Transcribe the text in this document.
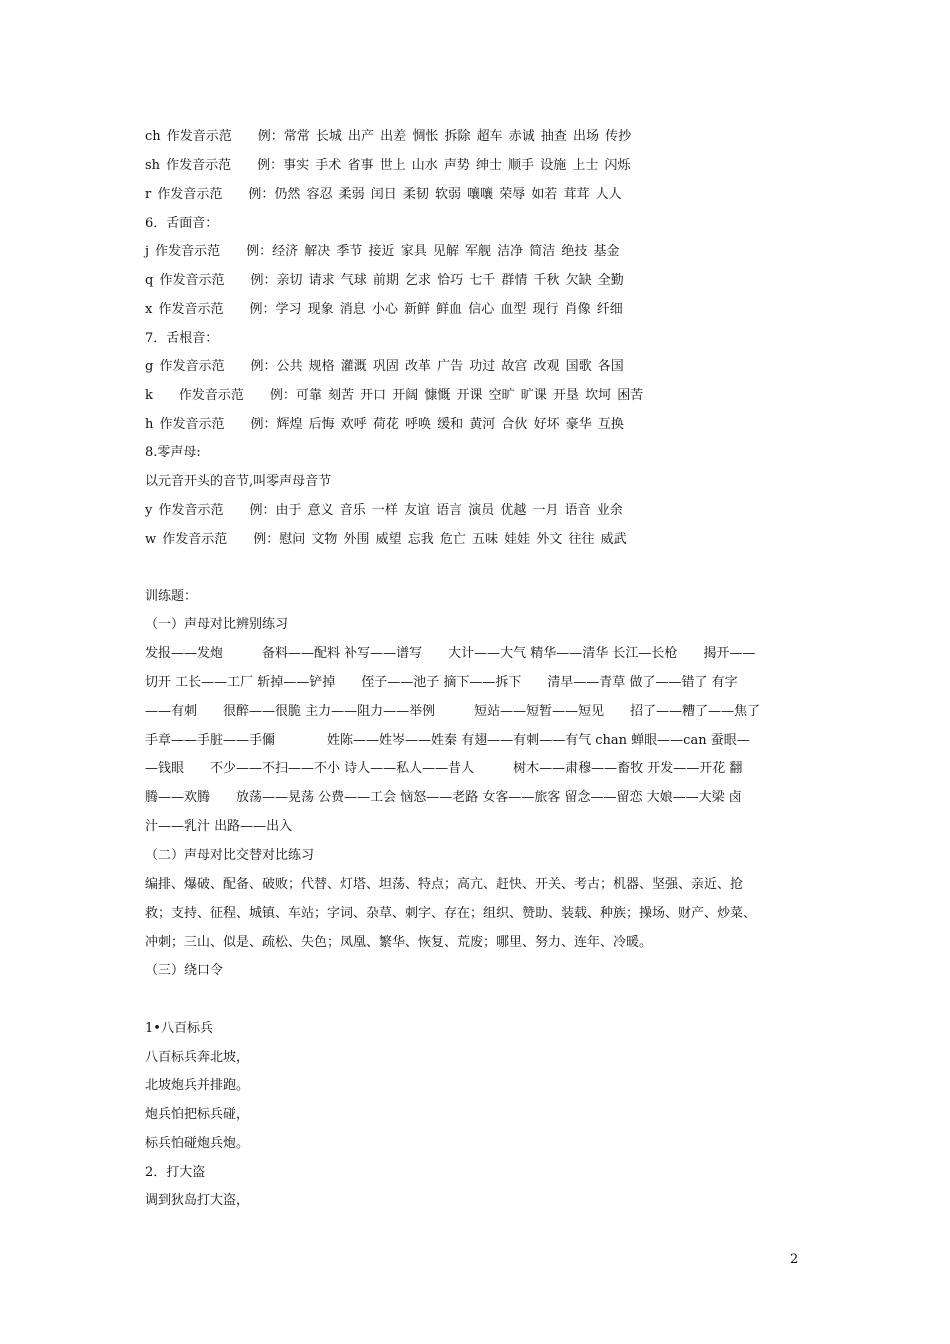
ch 作发音示范　　例：常常 长城 出产 出差 惆怅 拆除 超车 赤诚 抽查 出场 传抄
sh 作发音示范　　例：事实 手术 省事 世上 山水 声势 绅士 顺手 设施 上士 闪烁
r 作发音示范　　例：仍然 容忍 柔弱 闰日 柔韧 软弱 嚷嚷 荣辱 如若 茸茸 人人
6．舌面音：
j 作发音示范　　例：经济 解决 季节 接近 家具 见解 军舰 洁净 简洁 绝技 基金
q 作发音示范　　例：亲切 请求 气球 前期 乞求 恰巧 七千 群情 千秋 欠缺 全勤
x 作发音示范　　例：学习 现象 消息 小心 新鲜 鲜血 信心 血型 现行 肖像 纤细
7．舌根音：
g 作发音示范　　例：公共 规格 灌溉 巩固 改革 广告 功过 故宫 改观 国歌 各国
k　　作发音示范　　例：可靠 刻苦 开口 开阔 慷慨 开课 空旷 旷课 开垦 坎坷 困苦
h 作发音示范　　例：辉煌 后悔 欢呼 荷花 呼唤 缓和 黄河 合伙 好坏 豪华 互换
8.零声母:
以元音开头的音节,叫零声母音节
y 作发音示范　　例：由于 意义 音乐 一样 友谊 语言 演员 优越 一月 语音 业余
w 作发音示范　　例：慰问 文物 外围 威望 忘我 危亡 五味 娃娃 外文 往往 威武
训练题：
（一）声母对比辨别练习
发报——发炮　　　备料——配料 补写——谱写　　大计——大气 精华——清华 长江—长枪　　揭开——
切开 工长——工厂 斩掉——铲掉　　侄子——池子 摘下——拆下　　清早——青草 做了——错了 有字
——有刺　　很醉——很脆 主力——阻力——举例　　　短站——短暂——短见　　招了——糟了——焦了
手章——手脏——手儞　　　　姓陈——姓岑——姓秦 有翅——有刺——有气 chan 蝉眼——can 蚕眼—
—钱眼　　不少——不扫——不小 诗人——私人——昔人　　　树木——肃穆——畜牧 开发——开花 翻
腾——欢腾　　放荡——晃荡 公费——工会 恼怒——老路 女客——旅客 留念——留恋 大娘——大梁 卤
汁——乳汁 出路——出入
（二）声母对比交替对比练习
编排、爆破、配备、破败；代替、灯塔、坦荡、特点；高亢、赶快、开关、考古；机器、坚强、亲近、抢
救；支持、征程、城镇、车站；字词、杂草、刺字、存在；组织、赞助、装载、种族；操场、财产、炒菜、
冲刺；三山、似是、疏松、失色；凤凰、繁华、恢复、荒废；哪里、努力、连年、冷暖。
（三）绕口令
1•八百标兵
八百标兵奔北坡，
北坡炮兵并排跑。
炮兵怕把标兵碰，
标兵怕碰炮兵炮。
2．打大盗
调到狄岛打大盗，
2
